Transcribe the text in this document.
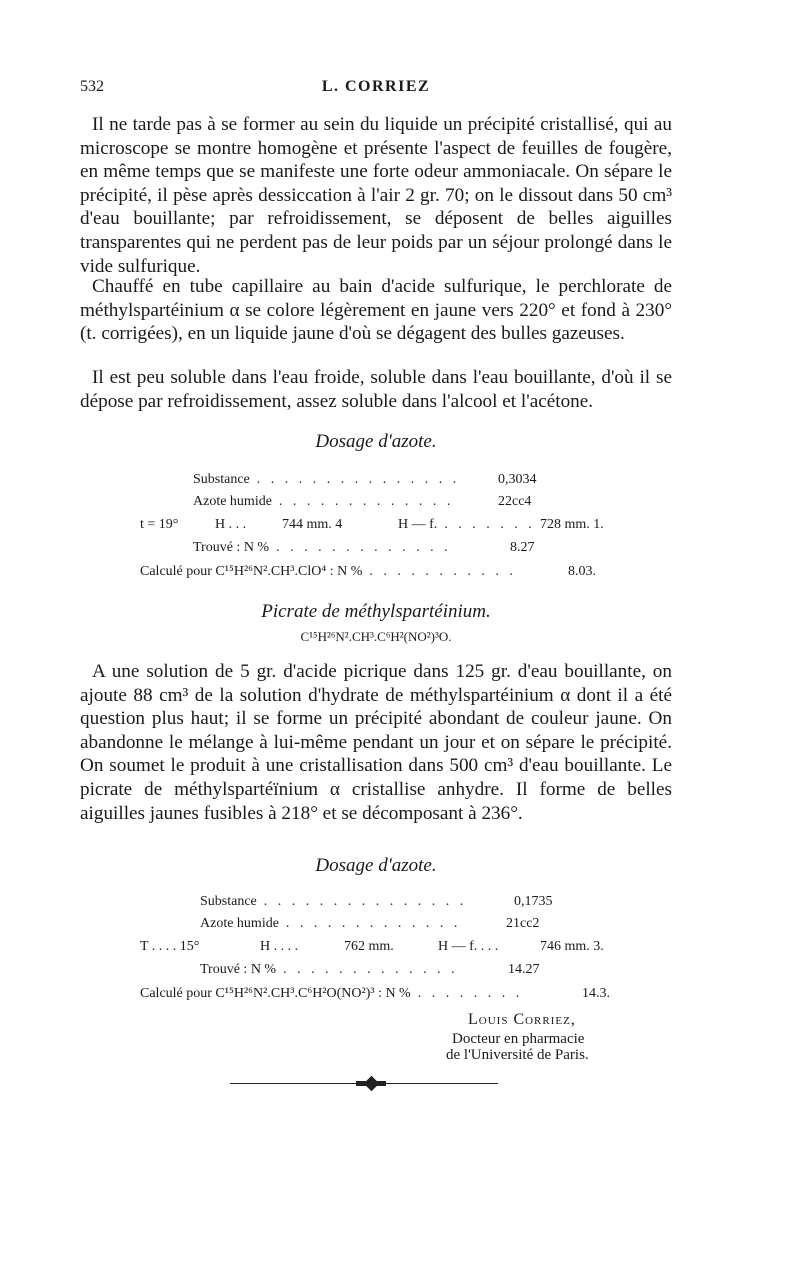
532	L. CORRIEZ

Il ne tarde pas à se former au sein du liquide un précipité cristallisé, qui au microscope se montre homogène et présente l'aspect de feuilles de fougère, en même temps que se manifeste une forte odeur ammoniacale. On sépare le précipité, il pèse après dessiccation à l'air 2 gr. 70; on le dissout dans 50 cm³ d'eau bouillante; par refroidissement, se déposent de belles aiguilles transparentes qui ne perdent pas de leur poids par un séjour prolongé dans le vide sulfurique.

Chauffé en tube capillaire au bain d'acide sulfurique, le perchlorate de méthylspartéinium α se colore légèrement en jaune vers 220° et fond à 230° (t. corrigées), en un liquide jaune d'où se dégagent des bulles gazeuses.

Il est peu soluble dans l'eau froide, soluble dans l'eau bouillante, d'où il se dépose par refroidissement, assez soluble dans l'alcool et l'acétone.

Dosage d'azote.

Substance . . . . . . . . . . . . . . .	0,3034
Azote humide . . . . . . . . . . . . .	22cc4
t = 19°	H . . .	744 mm. 4	H — f. . . . . . . . 728 mm. 1.
Trouvé : N % . . . . . . . . . . . . .	8.27
Calculé pour C¹⁵H²⁶N².CH³.ClO⁴ : N % . . . . . . . . . . .	8.03.

Picrate de méthylspartéinium.

C¹⁵H²⁶N².CH³.C⁶H²(NO²)³O.

A une solution de 5 gr. d'acide picrique dans 125 gr. d'eau bouillante, on ajoute 88 cm³ de la solution d'hydrate de méthylspartéinium α dont il a été question plus haut; il se forme un précipité abondant de couleur jaune. On abandonne le mélange à lui-même pendant un jour et on sépare le précipité. On soumet le produit à une cristallisation dans 500 cm³ d'eau bouillante. Le picrate de méthylspartéïnium α cristallise anhydre. Il forme de belles aiguilles jaunes fusibles à 218° et se décomposant à 236°.

Dosage d'azote.

Substance . . . . . . . . . . . . . . .	0,1735
Azote humide . . . . . . . . . . . . .	21cc2
T . . . . 15°	H . . . .	762 mm.	H — f. . . .	746 mm. 3.
Trouvé : N % . . . . . . . . . . . . .	14.27
Calculé pour C¹⁵H²⁶N².CH³.C⁶H²O(NO²)³ : N % . . . . . . . .	14.3.
Louis Corriez,
Docteur en pharmacie
de l'Université de Paris.
